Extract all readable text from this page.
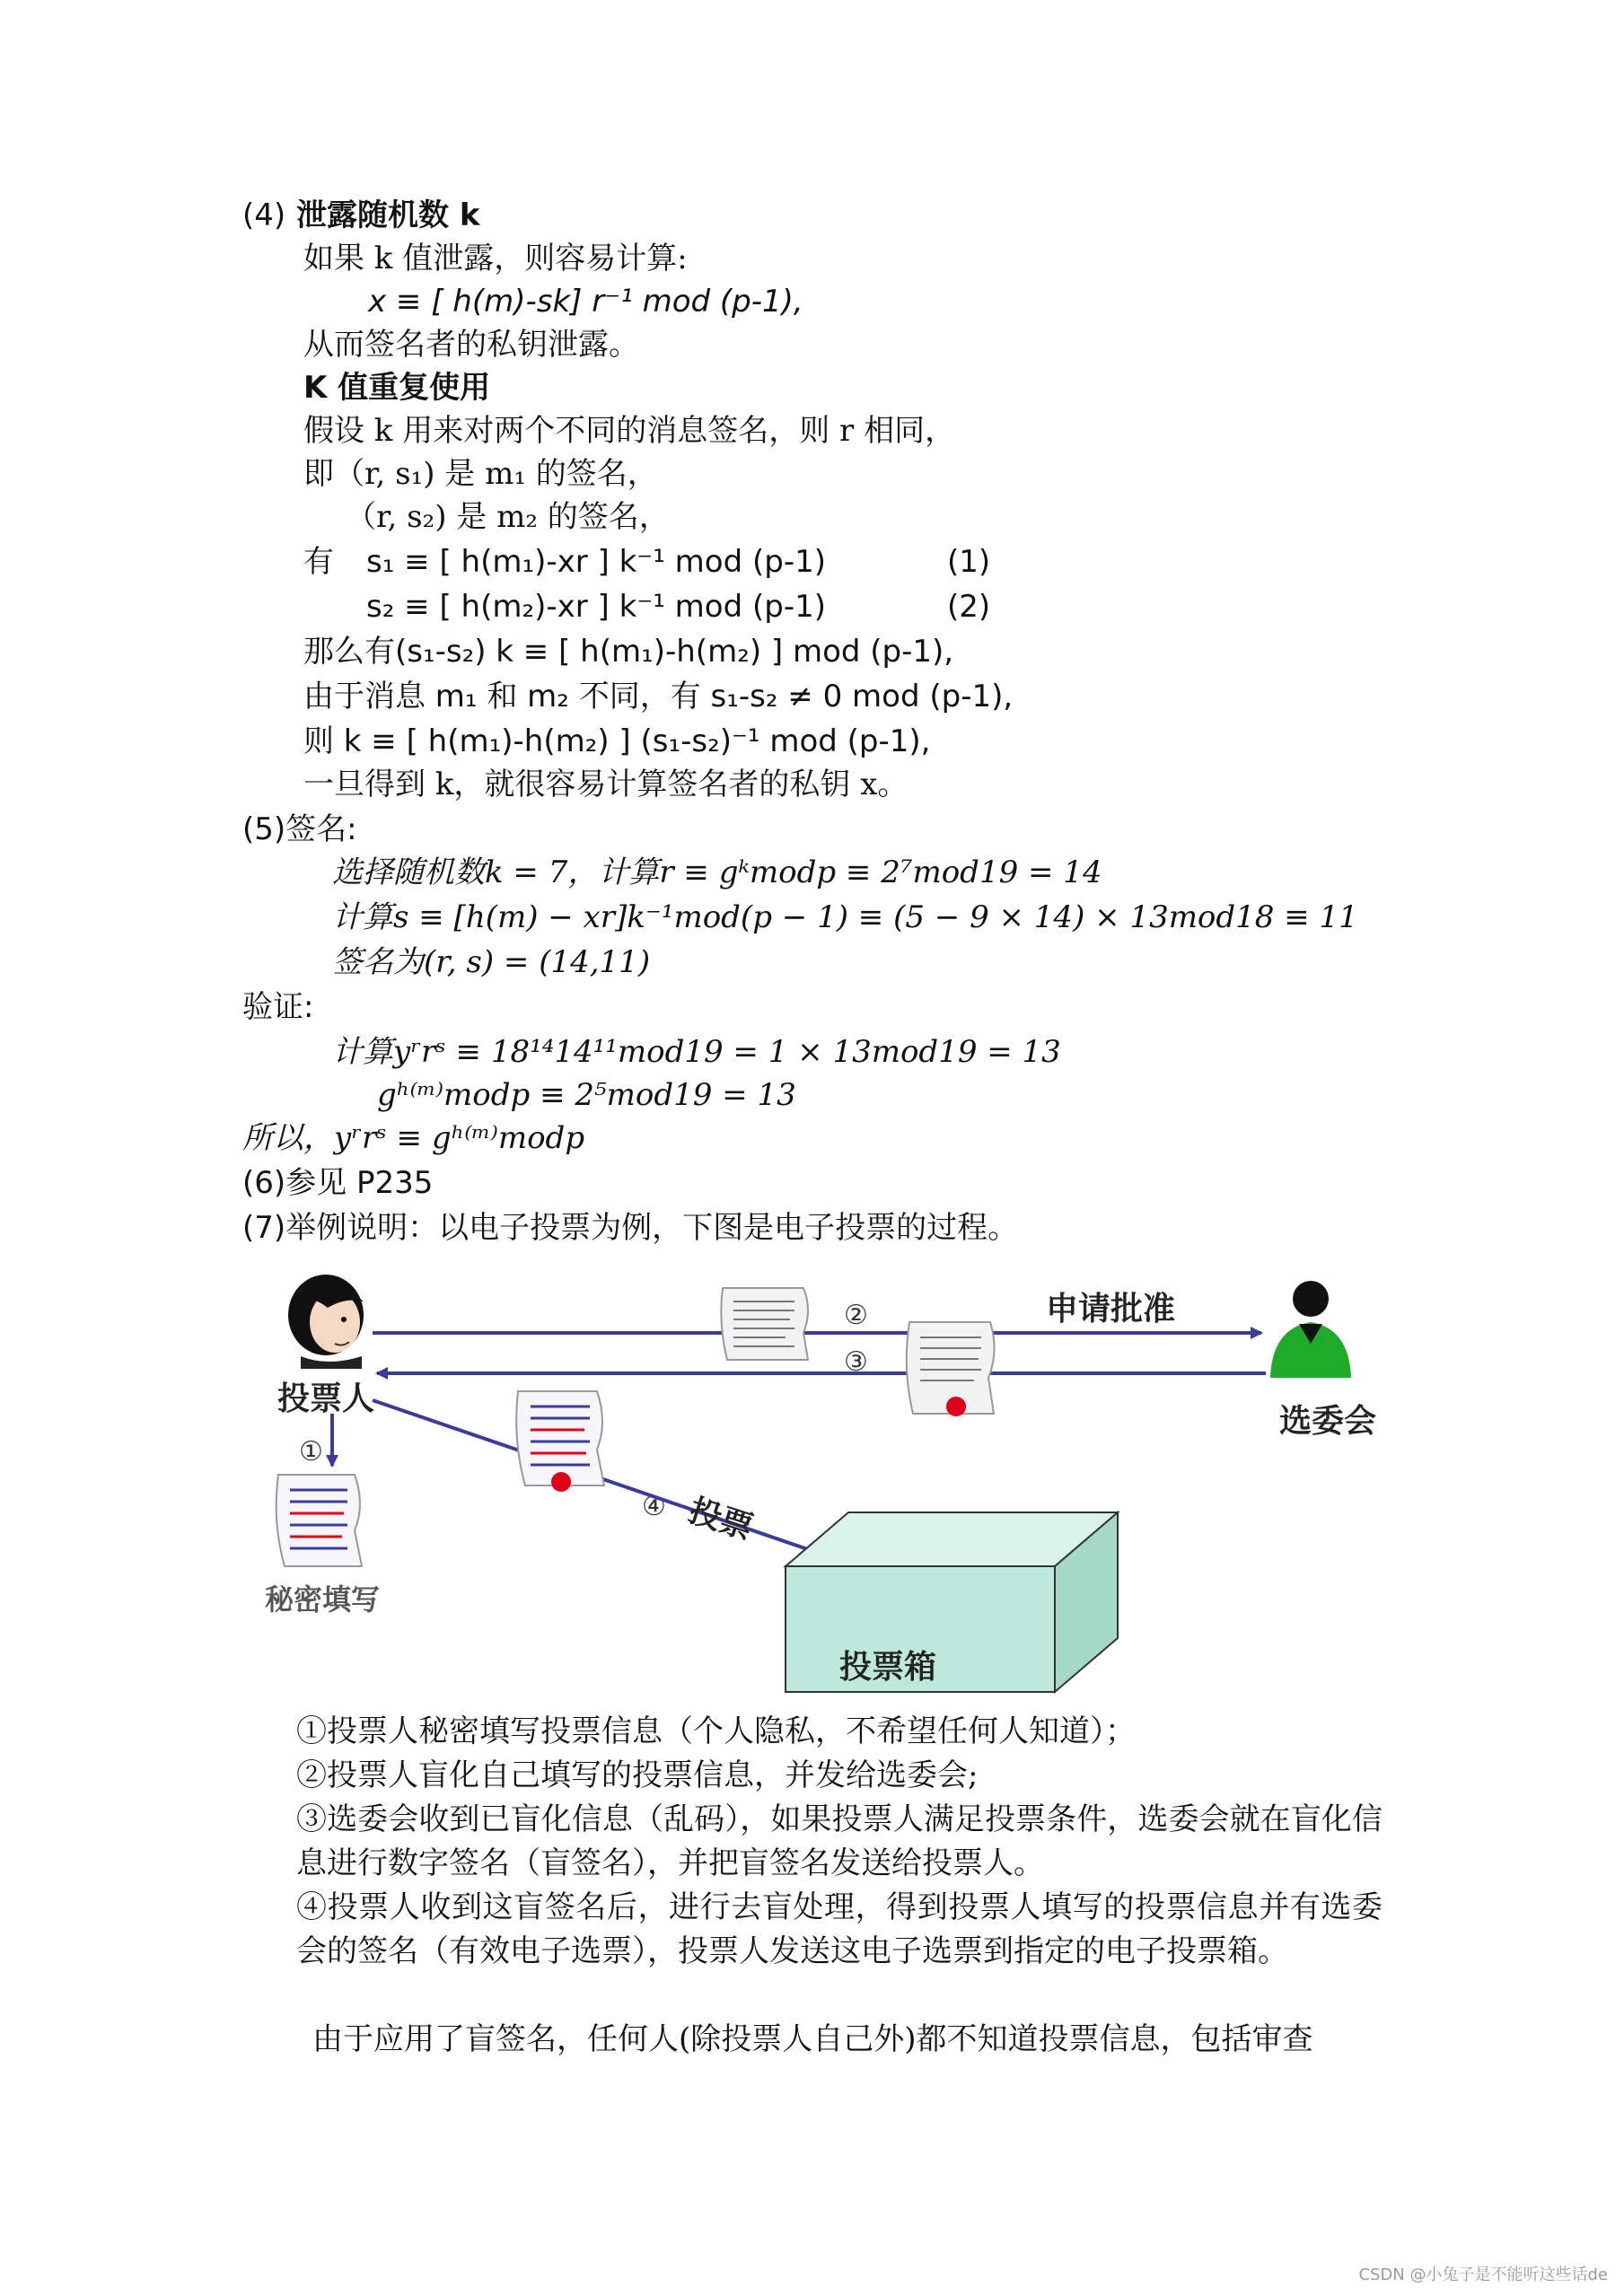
(4) 泄露随机数 k
如果 k 值泄露，则容易计算:
x ≡ [ h(m)-sk] r⁻¹ mod (p-1),
从而签名者的私钥泄露。
K 值重复使用
假设 k 用来对两个不同的消息签名，则 r 相同，
即（r, s₁) 是 m₁ 的签名，
（r, s₂) 是 m₂ 的签名，
有 s₁ ≡ [ h(m₁)-xr ] k⁻¹ mod (p-1)	(1)
s₂ ≡ [ h(m₂)-xr ] k⁻¹ mod (p-1)	(2)
那么有(s₁-s₂) k ≡ [ h(m₁)-h(m₂) ] mod (p-1),
由于消息 m₁ 和 m₂ 不同，有 s₁-s₂ ≠ 0 mod (p-1),
则 k ≡ [ h(m₁)-h(m₂) ] (s₁-s₂)⁻¹ mod (p-1),
一旦得到 k，就很容易计算签名者的私钥 x。
(5)签名:
选择随机数k = 7，计算r ≡ gᵏmodp ≡ 2⁷mod19 = 14
计算s ≡ [h(m) − xr]k⁻¹mod(p − 1) ≡ (5 − 9 × 14) × 13mod18 ≡ 11
签名为(r, s) = (14,11)
验证:
计算yʳrˢ ≡ 18¹⁴14¹¹mod19 = 1 × 13mod19 = 13
gʰ⁽ᵐ⁾modp ≡ 2⁵mod19 = 13
所以，yʳrˢ ≡ gʰ⁽ᵐ⁾modp
(6)参见 P235
(7)举例说明：以电子投票为例，下图是电子投票的过程。
投票人
选委会
申请批准
②
③
①
④
秘密填写
投票
投票箱
①投票人秘密填写投票信息（个人隐私，不希望任何人知道）；
②投票人盲化自己填写的投票信息，并发给选委会;
③选委会收到已盲化信息（乱码），如果投票人满足投票条件，选委会就在盲化信息进行数字签名（盲签名），并把盲签名发送给投票人。
④投票人收到这盲签名后，进行去盲处理，得到投票人填写的投票信息并有选委会的签名（有效电子选票），投票人发送这电子选票到指定的电子投票箱。
由于应用了盲签名，任何人(除投票人自己外)都不知道投票信息，包括审查
CSDN @小兔子是不能听这些话de
